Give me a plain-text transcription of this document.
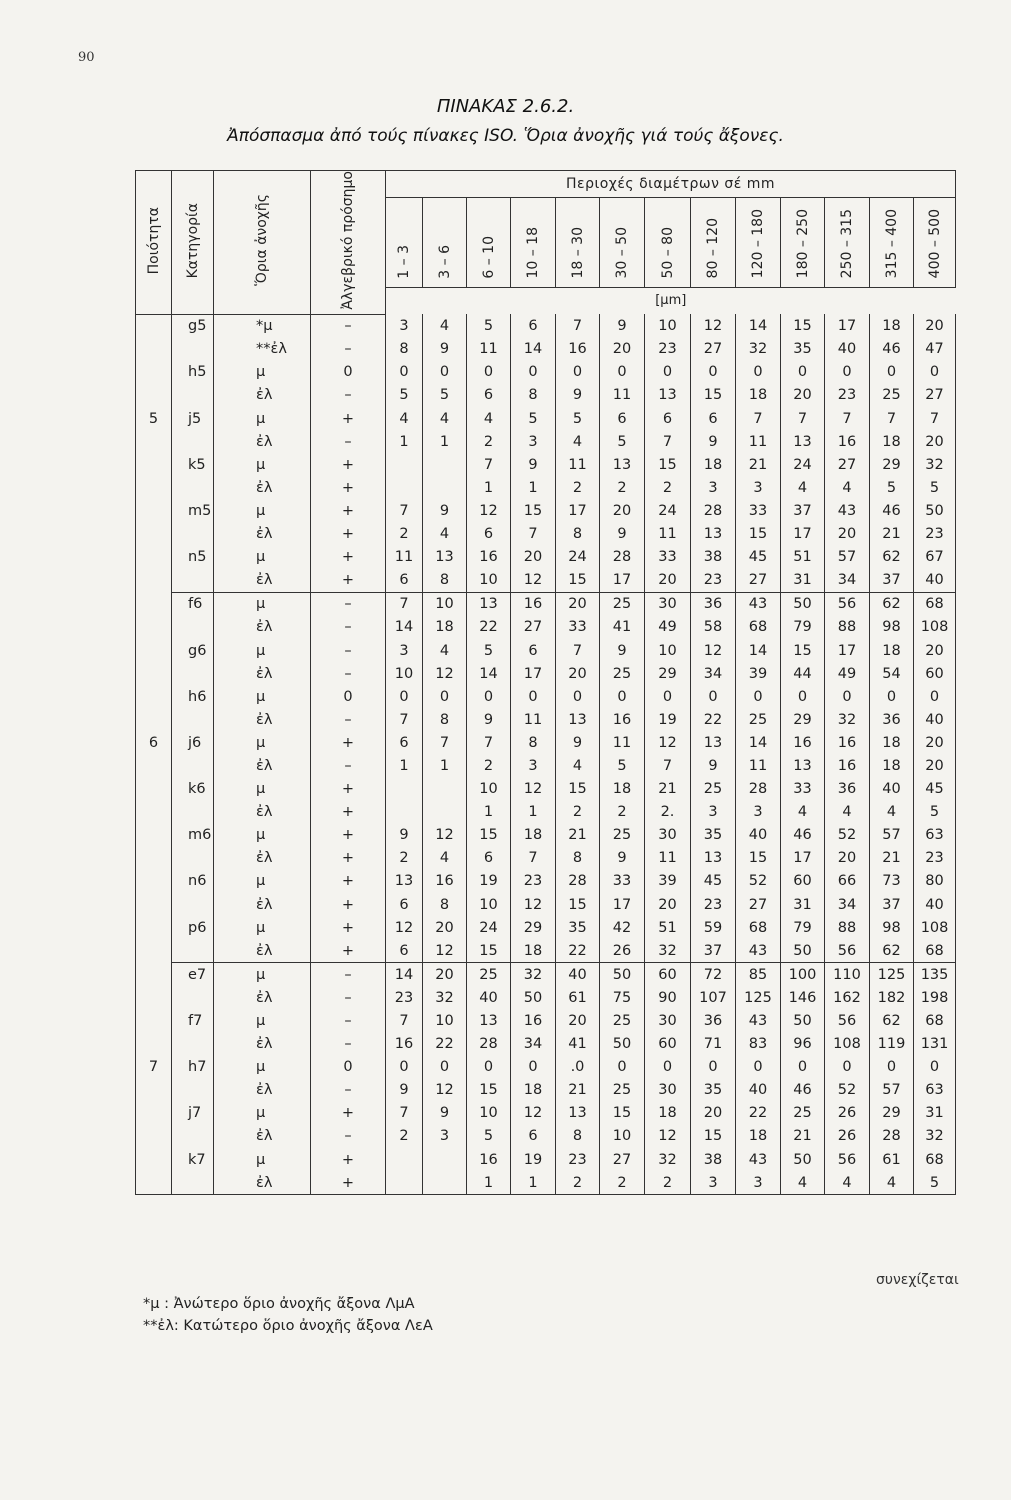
90
ΠΙΝΑΚΑΣ 2.6.2.
Ἀπόσπασμα ἀπό τούς πίνακες ISO. Ὅρια ἀνοχῆς γιά τούς ἄξονες.
Ποιότητα	Κατηγορία	Ὅρια ἀνοχῆς	Ἀλγεβρικό πρόσημο	Περιοχές διαμέτρων σέ mm												
				1 – 3	3 – 6	6 – 10	10 – 18	18 – 30	30 – 50	50 – 80	80 – 120	120 – 180	180 – 250	250 – 315	315 – 400	400 – 500
				[μm]												
	g5	*μ	–	3	4	5	6	7	9	10	12	14	15	17	18	20
		**ἐλ	–	8	9	11	14	16	20	23	27	32	35	40	46	47
	h5	μ	0	0	0	0	0	0	0	0	0	0	0	0	0	0
		ἐλ	–	5	5	6	8	9	11	13	15	18	20	23	25	27
5	j5	μ	+	4	4	4	5	5	6	6	6	7	7	7	7	7
		ἐλ	–	1	1	2	3	4	5	7	9	11	13	16	18	20
	k5	μ	+			7	9	11	13	15	18	21	24	27	29	32
		ἐλ	+			1	1	2	2	2	3	3	4	4	5	5
	m5	μ	+	7	9	12	15	17	20	24	28	33	37	43	46	50
		ἐλ	+	2	4	6	7	8	9	11	13	15	17	20	21	23
	n5	μ	+	11	13	16	20	24	28	33	38	45	51	57	62	67
		ἐλ	+	6	8	10	12	15	17	20	23	27	31	34	37	40
	f6	μ	–	7	10	13	16	20	25	30	36	43	50	56	62	68
		ἐλ	–	14	18	22	27	33	41	49	58	68	79	88	98	108
	g6	μ	–	3	4	5	6	7	9	10	12	14	15	17	18	20
		ἐλ	–	10	12	14	17	20	25	29	34	39	44	49	54	60
	h6	μ	0	0	0	0	0	0	0	0	0	0	0	0	0	0
		ἐλ	–	7	8	9	11	13	16	19	22	25	29	32	36	40
6	j6	μ	+	6	7	7	8	9	11	12	13	14	16	16	18	20
		ἐλ	–	1	1	2	3	4	5	7	9	11	13	16	18	20
	k6	μ	+			10	12	15	18	21	25	28	33	36	40	45
		ἐλ	+			1	1	2	2	2.	3	3	4	4	4	5
	m6	μ	+	9	12	15	18	21	25	30	35	40	46	52	57	63
		ἐλ	+	2	4	6	7	8	9	11	13	15	17	20	21	23
	n6	μ	+	13	16	19	23	28	33	39	45	52	60	66	73	80
		ἐλ	+	6	8	10	12	15	17	20	23	27	31	34	37	40
	p6	μ	+	12	20	24	29	35	42	51	59	68	79	88	98	108
		ἐλ	+	6	12	15	18	22	26	32	37	43	50	56	62	68
	e7	μ	–	14	20	25	32	40	50	60	72	85	100	110	125	135
		ἐλ	–	23	32	40	50	61	75	90	107	125	146	162	182	198
	f7	μ	–	7	10	13	16	20	25	30	36	43	50	56	62	68
		ἐλ	–	16	22	28	34	41	50	60	71	83	96	108	119	131
7	h7	μ	0	0	0	0	0	.0	0	0	0	0	0	0	0	0
		ἐλ	–	9	12	15	18	21	25	30	35	40	46	52	57	63
	j7	μ	+	7	9	10	12	13	15	18	20	22	25	26	29	31
		ἐλ	–	2	3	5	6	8	10	12	15	18	21	26	28	32
	k7	μ	+			16	19	23	27	32	38	43	50	56	61	68
		ἐλ	+			1	1	2	2	2	3	3	4	4	4	5
συνεχίζεται
*μ : Ἀνώτερο ὅριο ἀνοχῆς ἄξονα ΛμΑ
**ἐλ: Κατώτερο ὅριο ἀνοχῆς ἄξονα ΛεΑ
